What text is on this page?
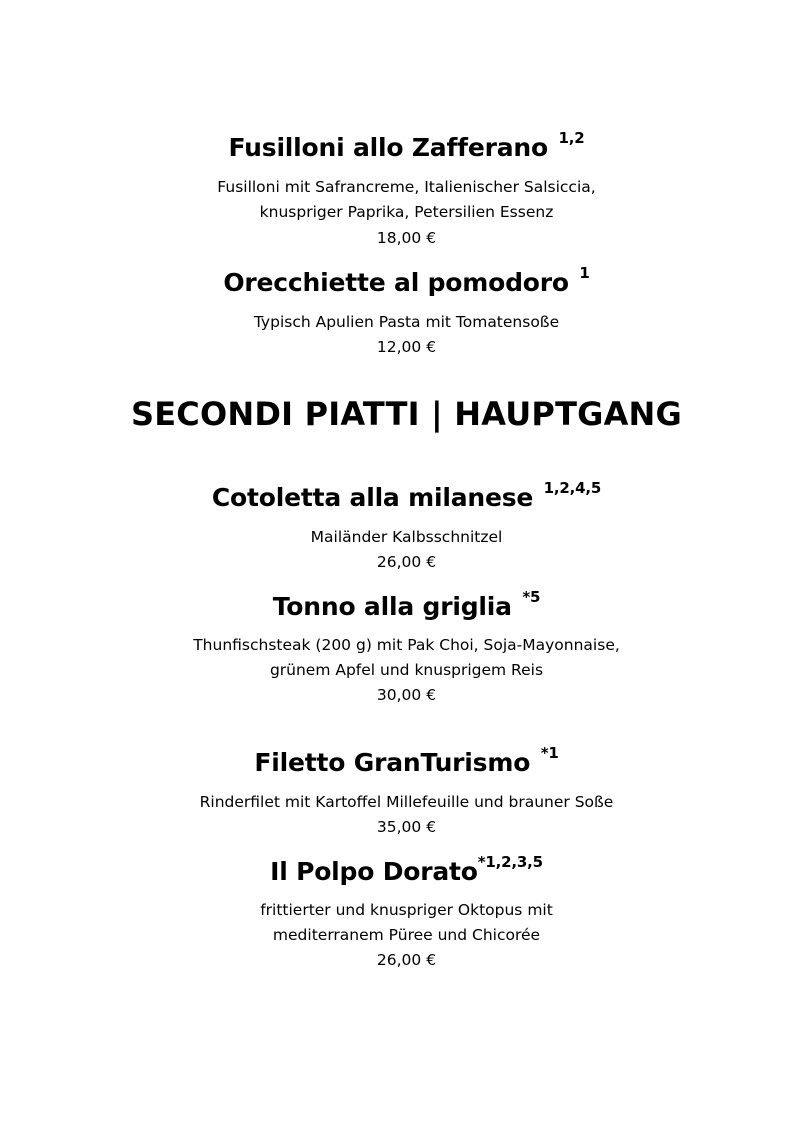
Fusilloni allo Zafferano $^{1,2}$
Fusilloni mit Safrancreme, Italienischer Salsiccia,
knuspriger Paprika, Petersilien Essenz
18,00 €
Orecchiette al pomodoro $^1$
Typisch Apulien Pasta mit Tomatensoße
12,00 €
SECONDI PIATTI | HAUPTGANG
Cotoletta alla milanese $^{1,2,4,5}$
Mailänder Kalbsschnitzel
26,00 €
Tonno alla griglia $^{*5}$
Thunfischsteak (200 g) mit Pak Choi, Soja-Mayonnaise,
grünem Apfel und knusprigem Reis
30,00 €
Filetto GranTurismo $^{*1}$
Rinderfilet mit Kartoffel Millefeuille und brauner Soße
35,00 €
Il Polpo Dorato$^{*1,2,3,5}$
frittierter und knuspriger Oktopus mit
mediterranem Püree und Chicorée
26,00 €
